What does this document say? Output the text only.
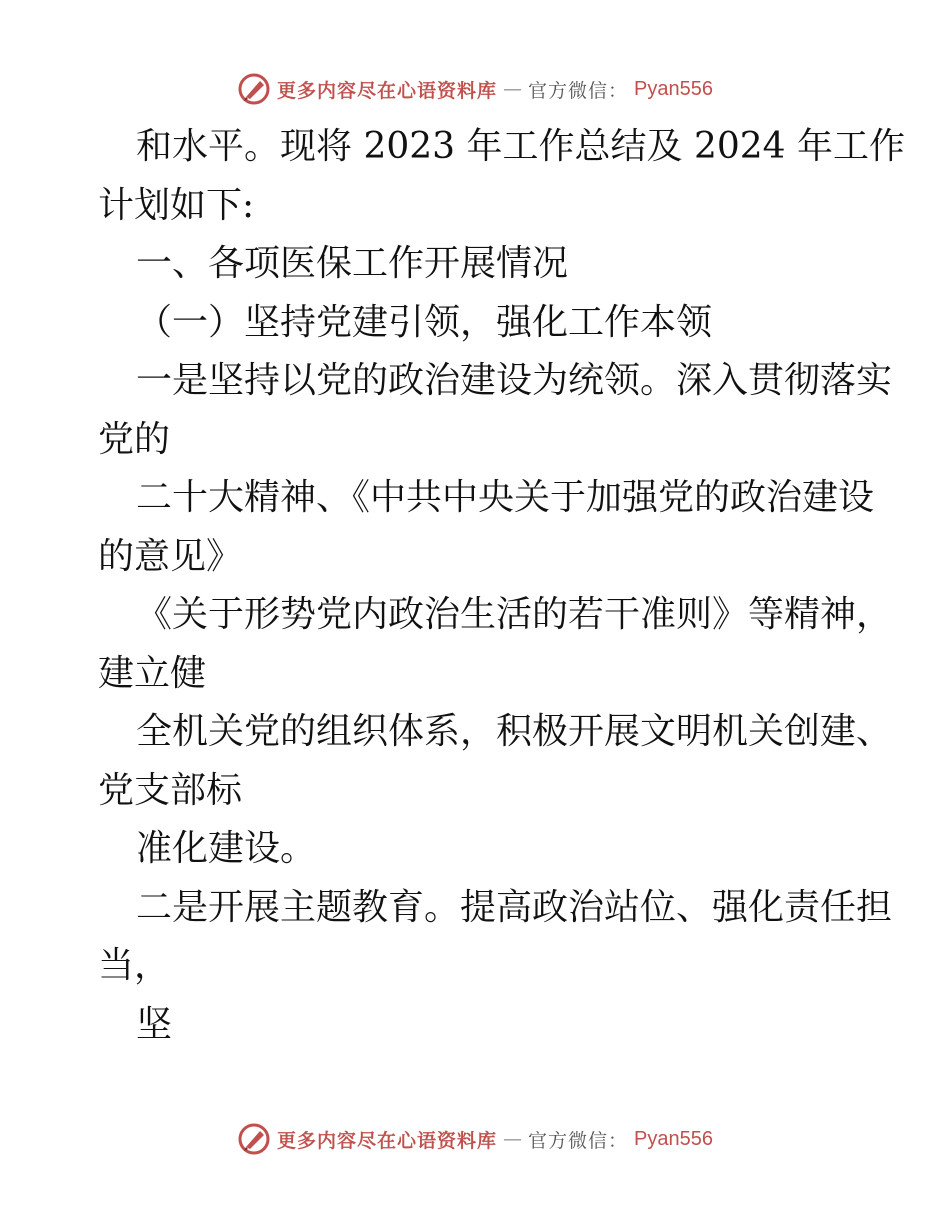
更多内容尽在心语资料库 — 官方微信： Pyan556
和水平。现将 2023 年工作总结及 2024 年工作
计划如下:
一、各项医保工作开展情况
（一）坚持党建引领，强化工作本领
一是坚持以党的政治建设为统领。深入贯彻落实
党的
二十大精神、《中共中央关于加强党的政治建设
的意见》
《关于形势党内政治生活的若干准则》等精神，
建立健
全机关党的组织体系，积极开展文明机关创建、
党支部标
准化建设。
二是开展主题教育。提高政治站位、强化责任担
当，
坚
更多内容尽在心语资料库 — 官方微信： Pyan556
